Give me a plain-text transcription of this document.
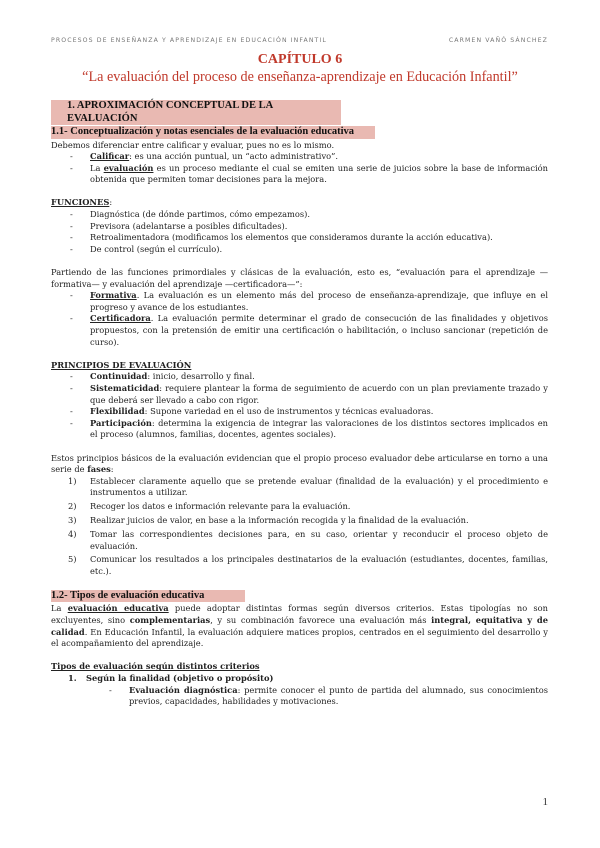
PROCESOS DE ENSEÑANZA Y APRENDIZAJE EN EDUCACIÓN INFANTIL	CARMEN VAÑÓ SÁNCHEZ
CAPÍTULO 6
“La evaluación del proceso de enseñanza-aprendizaje en Educación Infantil”
1. APROXIMACIÓN CONCEPTUAL DE LA EVALUACIÓN
1.1- Conceptualización y notas esenciales de la evaluación educativa

Debemos diferenciar entre calificar y evaluar, pues no es lo mismo.

- Calificar: es una acción puntual, un “acto administrativo”.
- La evaluación es un proceso mediante el cual se emiten una serie de juicios sobre la base de información obtenida que permiten tomar decisiones para la mejora.
FUNCIONES:
- Diagnóstica (de dónde partimos, cómo empezamos).
- Previsora (adelantarse a posibles dificultades).
- Retroalimentadora (modificamos los elementos que consideramos durante la acción educativa).
- De control (según el currículo).

Partiendo de las funciones primordiales y clásicas de la evaluación, esto es, “evaluación para el aprendizaje —formativa— y evaluación del aprendizaje —certificadora—”:

- Formativa. La evaluación es un elemento más del proceso de enseñanza-aprendizaje, que influye en el progreso y avance de los estudiantes.
- Certificadora. La evaluación permite determinar el grado de consecución de las finalidades y objetivos propuestos, con la pretensión de emitir una certificación o habilitación, o incluso sancionar (repetición de curso).
PRINCIPIOS DE EVALUACIÓN
- Continuidad: inicio, desarrollo y final.
- Sistematicidad: requiere plantear la forma de seguimiento de acuerdo con un plan previamente trazado y que deberá ser llevado a cabo con rigor.
- Flexibilidad: Supone variedad en el uso de instrumentos y técnicas evaluadoras.
- Participación: determina la exigencia de integrar las valoraciones de los distintos sectores implicados en el proceso (alumnos, familias, docentes, agentes sociales).

Estos principios básicos de la evaluación evidencian que el propio proceso evaluador debe articularse en torno a una serie de fases:

1) Establecer claramente aquello que se pretende evaluar (finalidad de la evaluación) y el procedimiento e instrumentos a utilizar.
2) Recoger los datos e información relevante para la evaluación.
3) Realizar juicios de valor, en base a la información recogida y la finalidad de la evaluación.
4) Tomar las correspondientes decisiones para, en su caso, orientar y reconducir el proceso objeto de evaluación.
5) Comunicar los resultados a los principales destinatarios de la evaluación (estudiantes, docentes, familias, etc.).
1.2- Tipos de evaluación educativa

La evaluación educativa puede adoptar distintas formas según diversos criterios. Estas tipologías no son excluyentes, sino complementarias, y su combinación favorece una evaluación más integral, equitativa y de calidad. En Educación Infantil, la evaluación adquiere matices propios, centrados en el seguimiento del desarrollo y el acompañamiento del aprendizaje.

Tipos de evaluación según distintos criterios
1. Según la finalidad (objetivo o propósito)
- Evaluación diagnóstica: permite conocer el punto de partida del alumnado, sus conocimientos previos, capacidades, habilidades y motivaciones.
1
